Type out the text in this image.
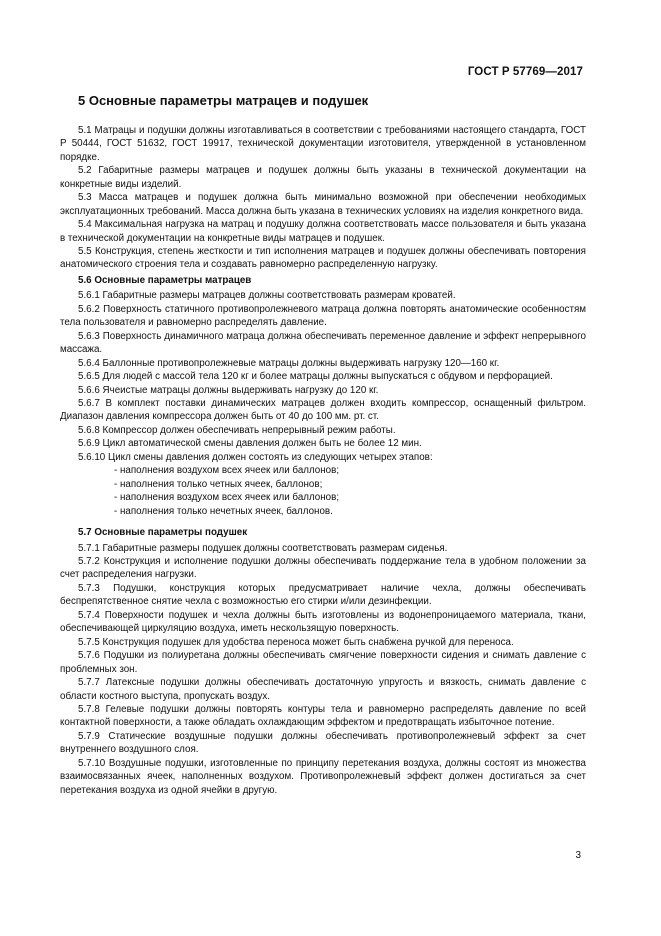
ГОСТ Р 57769—2017
5 Основные параметры матрацев и подушек

5.1 Матрацы и подушки должны изготавливаться в соответствии с требованиями настоящего стандарта, ГОСТ Р 50444, ГОСТ 51632, ГОСТ 19917, технической документации изготовителя, утвержденной в установленном порядке.

5.2 Габаритные размеры матрацев и подушек должны быть указаны в технической документации на конкретные виды изделий.

5.3 Масса матрацев и подушек должна быть минимально возможной при обеспечении необходимых эксплуатационных требований. Масса должна быть указана в технических условиях на изделия конкретного вида.

5.4 Максимальная нагрузка на матрац и подушку должна соответствовать массе пользователя и быть указана в технической документации на конкретные виды матрацев и подушек.

5.5 Конструкция, степень жесткости и тип исполнения матрацев и подушек должны обеспечивать повторения анатомического строения тела и создавать равномерно распределенную нагрузку.

5.6 Основные параметры матрацев

5.6.1 Габаритные размеры матрацев должны соответствовать размерам кроватей.

5.6.2 Поверхность статичного противопролежневого матраца должна повторять анатомические особенностям тела пользователя и равномерно распределять давление.

5.6.3 Поверхность динамичного матраца должна обеспечивать переменное давление и эффект непрерывного массажа.

5.6.4 Баллонные противопролежневые матрацы должны выдерживать нагрузку 120—160 кг.

5.6.5 Для людей с массой тела 120 кг и более матрацы должны выпускаться с обдувом и перфорацией.

5.6.6 Ячеистые матрацы должны выдерживать нагрузку до 120 кг.

5.6.7 В комплект поставки динамических матрацев должен входить компрессор, оснащенный фильтром. Диапазон давления компрессора должен быть от 40 до 100 мм. рт. ст.

5.6.8 Компрессор должен обеспечивать непрерывный режим работы.

5.6.9 Цикл автоматической смены давления должен быть не более 12 мин.

5.6.10 Цикл смены давления должен состоять из следующих четырех этапов:

- наполнения воздухом всех ячеек или баллонов;

- наполнения только четных ячеек, баллонов;

- наполнения воздухом всех ячеек или баллонов;

- наполнения только нечетных ячеек, баллонов.

5.7 Основные параметры подушек

5.7.1 Габаритные размеры подушек должны соответствовать размерам сиденья.

5.7.2 Конструкция и исполнение подушки должны обеспечивать поддержание тела в удобном положении за счет распределения нагрузки.

5.7.3 Подушки, конструкция которых предусматривает наличие чехла, должны обеспечивать беспрепятственное снятие чехла с возможностью его стирки и/или дезинфекции.

5.7.4 Поверхности подушек и чехла должны быть изготовлены из водонепроницаемого материала, ткани, обеспечивающей циркуляцию воздуха, иметь нескользящую поверхность.

5.7.5 Конструкция подушек для удобства переноса может быть снабжена ручкой для переноса.

5.7.6 Подушки из полиуретана должны обеспечивать смягчение поверхности сидения и снимать давление с проблемных зон.

5.7.7 Латексные подушки должны обеспечивать достаточную упругость и вязкость, снимать давление с области костного выступа, пропускать воздух.

5.7.8 Гелевые подушки должны повторять контуры тела и равномерно распределять давление по всей контактной поверхности, а также обладать охлаждающим эффектом и предотвращать избыточное потение.

5.7.9 Статические воздушные подушки должны обеспечивать противопролежневый эффект за счет внутреннего воздушного слоя.

5.7.10 Воздушные подушки, изготовленные по принципу перетекания воздуха, должны состоят из множества взаимосвязанных ячеек, наполненных воздухом. Противопролежневый эффект должен достигаться за счет перетекания воздуха из одной ячейки в другую.

3
